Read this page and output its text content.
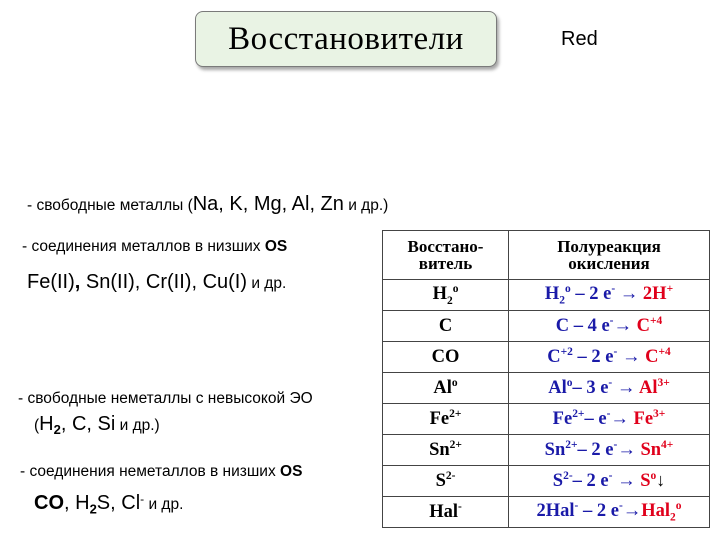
Восстановители	Red
- свободные металлы (Na, K, Mg, Al, Zn и др.)
- соединения металлов в низших OS
Fe(II), Sn(II), Cr(II), Cu(I) и др.
- свободные неметаллы с невысокой ЭО
($H_2$, C, Si и др.)
- соединения неметаллов в низших OS
CO, $H_2S$, Cl- и др.
Восстано-
витель	Полуреакция
окисления
$H_2^o$	$H_2^o - 2$ e- → 2H+
C	C – 4 $e^-\to C^{+4}$
CO	$C^{+2} - 2$ $e^- \to C^{+4}$
Al$^o$	Al$^o$– 3 $e^- \to Al^{3+}$
$Fe^{2+}$	$Fe^{2+}-$ $e^-\to Fe^{3+}$
$Sn^{2+}$	$Sn^{2+}-$ 2 $e^-\to Sn^{4+}$
$S^{2-}$	$S^{2-}-$ 2 $e^- \to S^o↓$
Hal-	2Hal- – 2 e-→Hal$_2^o$
